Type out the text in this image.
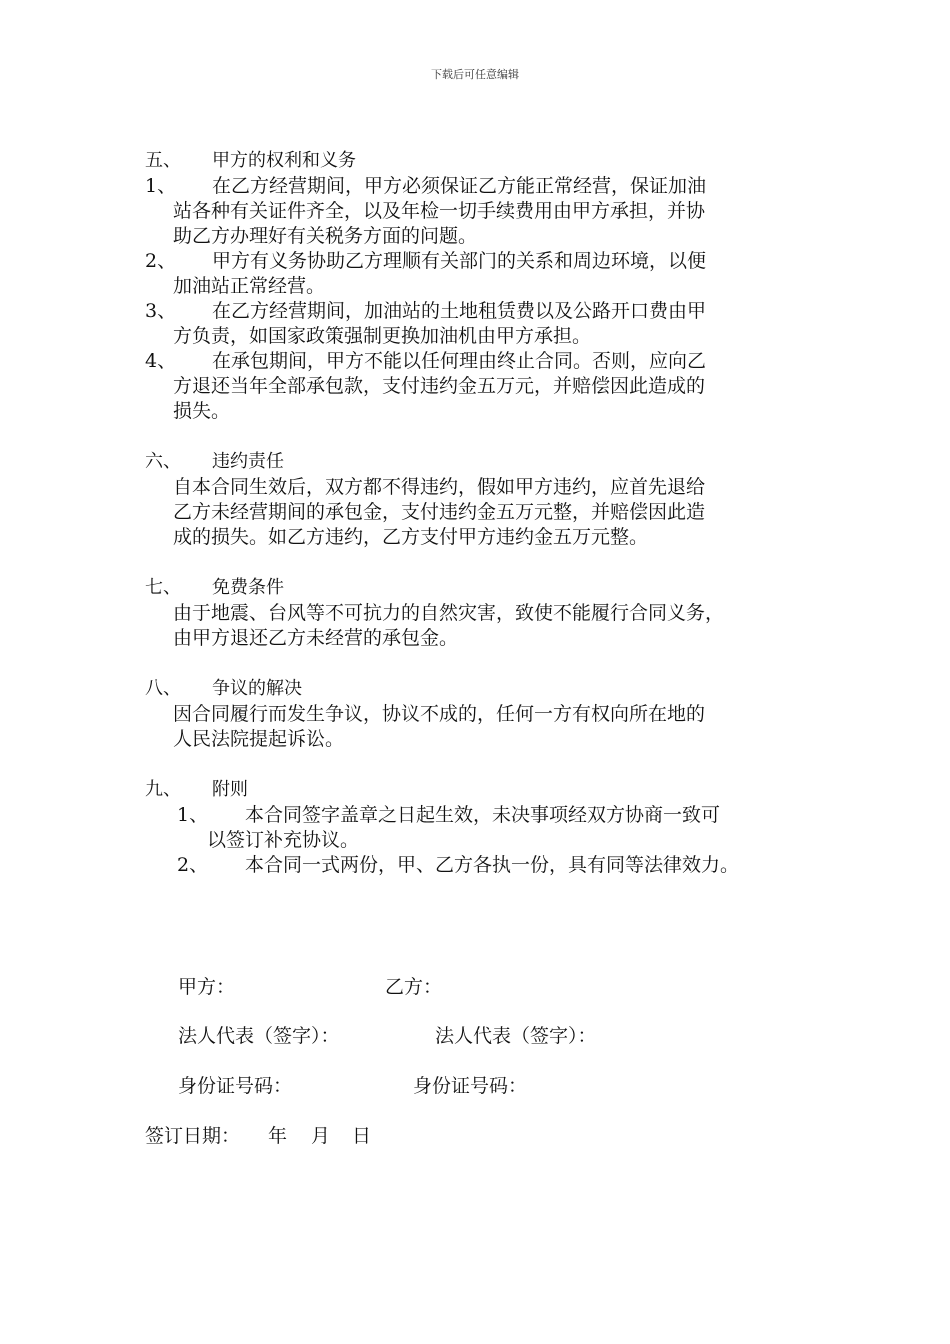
下载后可任意编辑
五、 甲方的权利和义务
1、 在乙方经营期间，甲方必须保证乙方能正常经营，保证加油
站各种有关证件齐全，以及年检一切手续费用由甲方承担，并协
助乙方办理好有关税务方面的问题。
2、 甲方有义务协助乙方理顺有关部门的关系和周边环境，以便
加油站正常经营。
3、 在乙方经营期间，加油站的土地租赁费以及公路开口费由甲
方负责，如国家政策强制更换加油机由甲方承担。
4、 在承包期间，甲方不能以任何理由终止合同。否则，应向乙
方退还当年全部承包款，支付违约金五万元，并赔偿因此造成的
损失。
六、 违约责任
自本合同生效后，双方都不得违约，假如甲方违约，应首先退给
乙方未经营期间的承包金，支付违约金五万元整，并赔偿因此造
成的损失。如乙方违约，乙方支付甲方违约金五万元整。
七、 免费条件
由于地震、台风等不可抗力的自然灾害，致使不能履行合同义务，
由甲方退还乙方未经营的承包金。
八、 争议的解决
因合同履行而发生争议，协议不成的，任何一方有权向所在地的
人民法院提起诉讼。
九、 附则
1、 本合同签字盖章之日起生效，未决事项经双方协商一致可
以签订补充协议。
2、 本合同一式两份，甲、乙方各执一份，具有同等法律效力。
甲方：	乙方：
法人代表（签字）：	法人代表（签字）：
身份证号码：	身份证号码：
签订日期： 年 月 日
